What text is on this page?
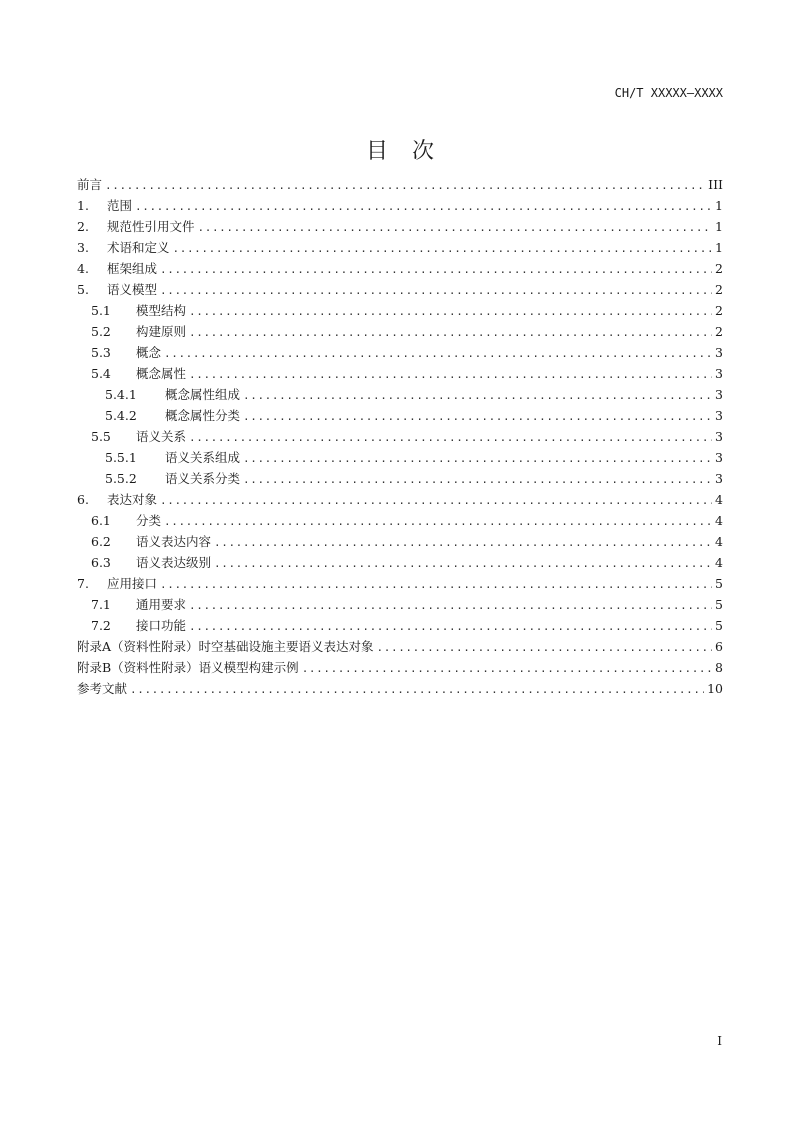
CH/T XXXXX—XXXX
目次
前言 .....	III
1.	范围 .....	1
2.	规范性引用文件 .....	1
3.	术语和定义 .....	1
4.	框架组成 .....	2
5.	语义模型 .....	2
5.1	模型结构 .....	2
5.2	构建原则 .....	2
5.3	概念 .....	3
5.4	概念属性 .....	3
5.4.1	概念属性组成 .....	3
5.4.2	概念属性分类 .....	3
5.5	语义关系 .....	3
5.5.1	语义关系组成 .....	3
5.5.2	语义关系分类 .....	3
6.	表达对象 .....	4
6.1	分类 .....	4
6.2	语义表达内容 .....	4
6.3	语义表达级别 .....	4
7.	应用接口 .....	5
7.1	通用要求 .....	5
7.2	接口功能 .....	5
附录A（资料性附录）时空基础设施主要语义表达对象 .....	6
附录B（资料性附录）语义模型构建示例 .....	8
参考文献 .....	10
I
